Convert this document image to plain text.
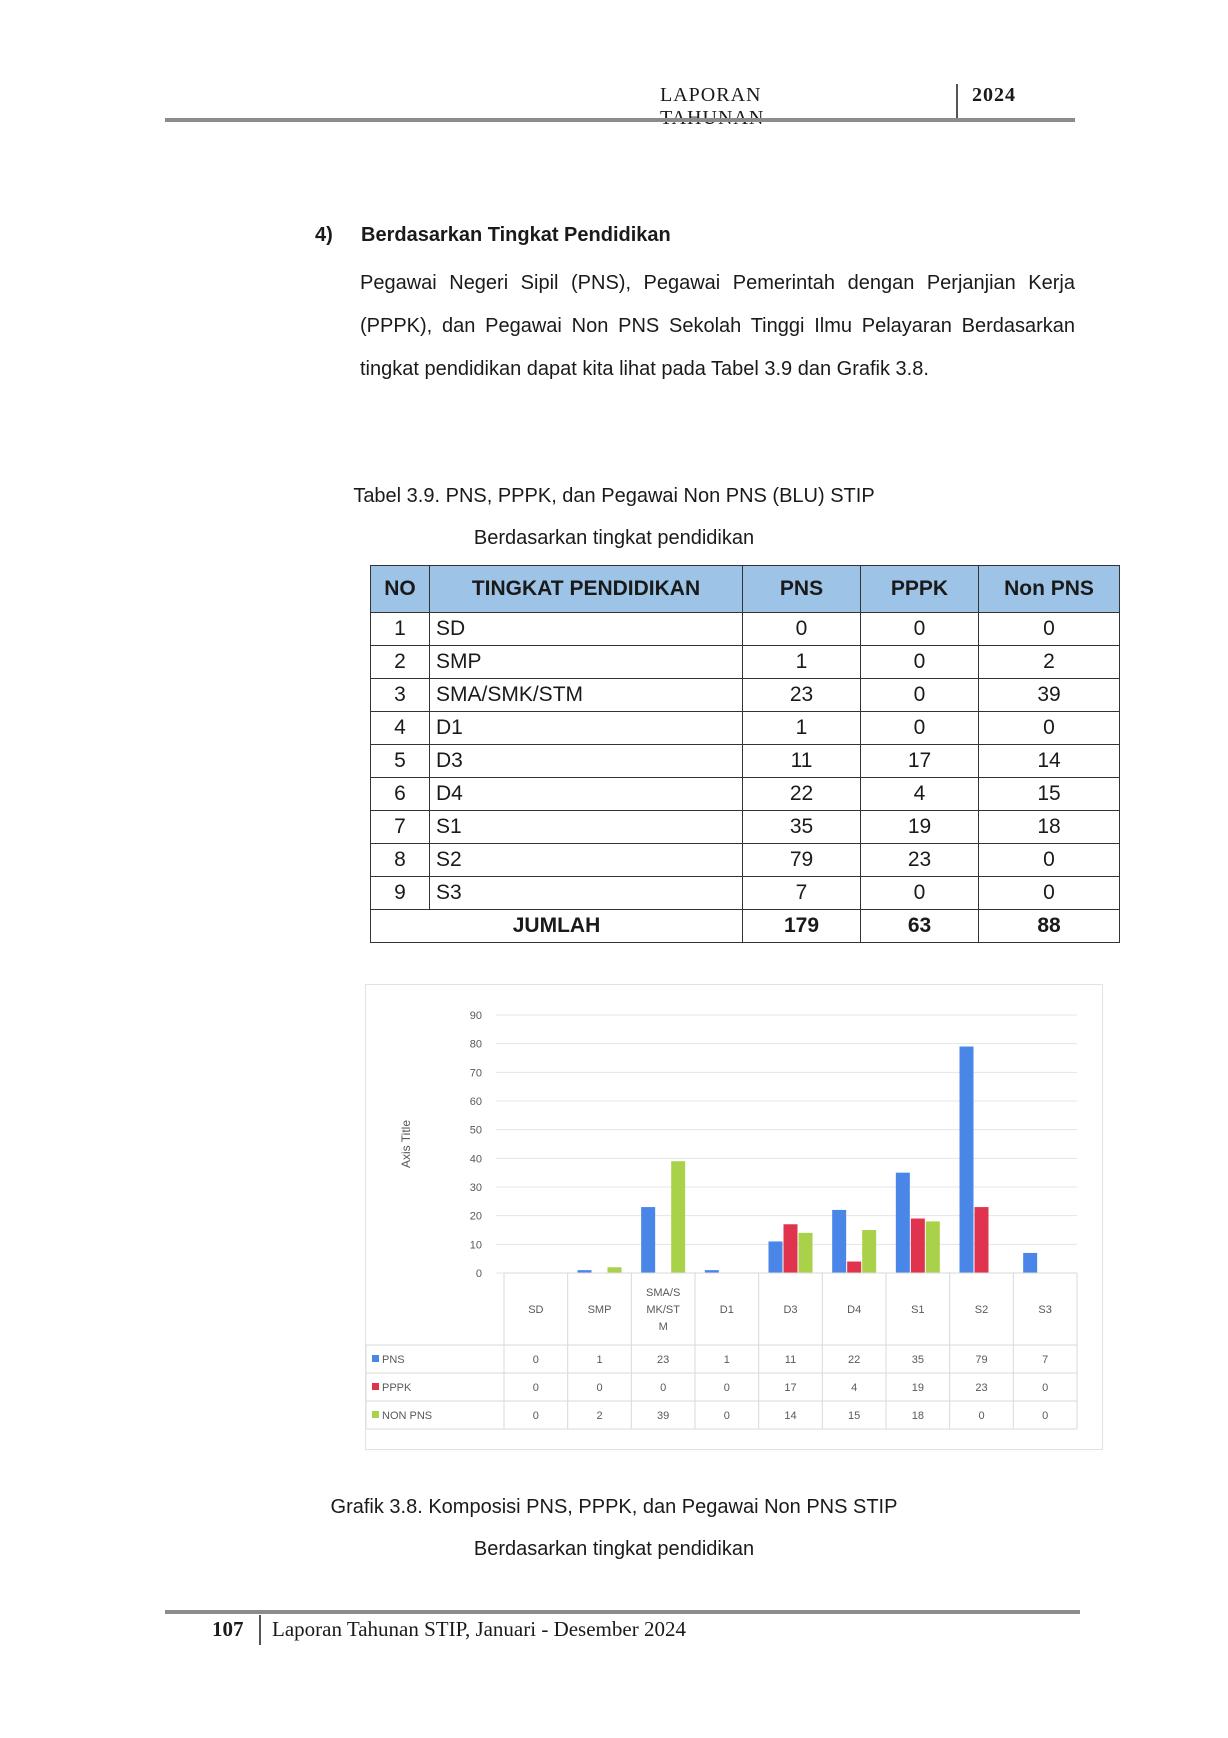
LAPORAN	2024
4) Berdasarkan Tingkat Pendidikan
Pegawai Negeri Sipil (PNS), Pegawai Pemerintah dengan Perjanjian Kerja (PPPK), dan Pegawai Non PNS Sekolah Tinggi Ilmu Pelayaran Berdasarkan tingkat pendidikan dapat kita lihat pada Tabel 3.9 dan Grafik 3.8.
Tabel 3.9. PNS, PPPK, dan Pegawai Non PNS (BLU) STIP
Berdasarkan tingkat pendidikan
NO	TINGKAT PENDIDIKAN	PNS	PPPK	Non PNS
1	SD	0	0	0
2	SMP	1	0	2
3	SMA/SMK/STM	23	0	39
4	D1	1	0	0
5	D3	11	17	14
6	D4	22	4	15
7	S1	35	19	18
8	S2	79	23	0
9	S3	7	0	0
JUMLAH		179	63	88
0
10
20
30
40
50
60
70
80
90
Axis Title
SD	SMP
SMA/S
MK/ST
M
D1	D3	D4	S1	S2	S3
PNS	0	1	23	1	11	22	35	79	7
PPPK	0	0	0	0	17	4	19	23	0
NON PNS	0	2	39	0	14	15	18	0	0
Grafik 3.8. Komposisi PNS, PPPK, dan Pegawai Non PNS STIP
Berdasarkan tingkat pendidikan
107 Laporan Tahunan STIP, Januari - Desember 2024
